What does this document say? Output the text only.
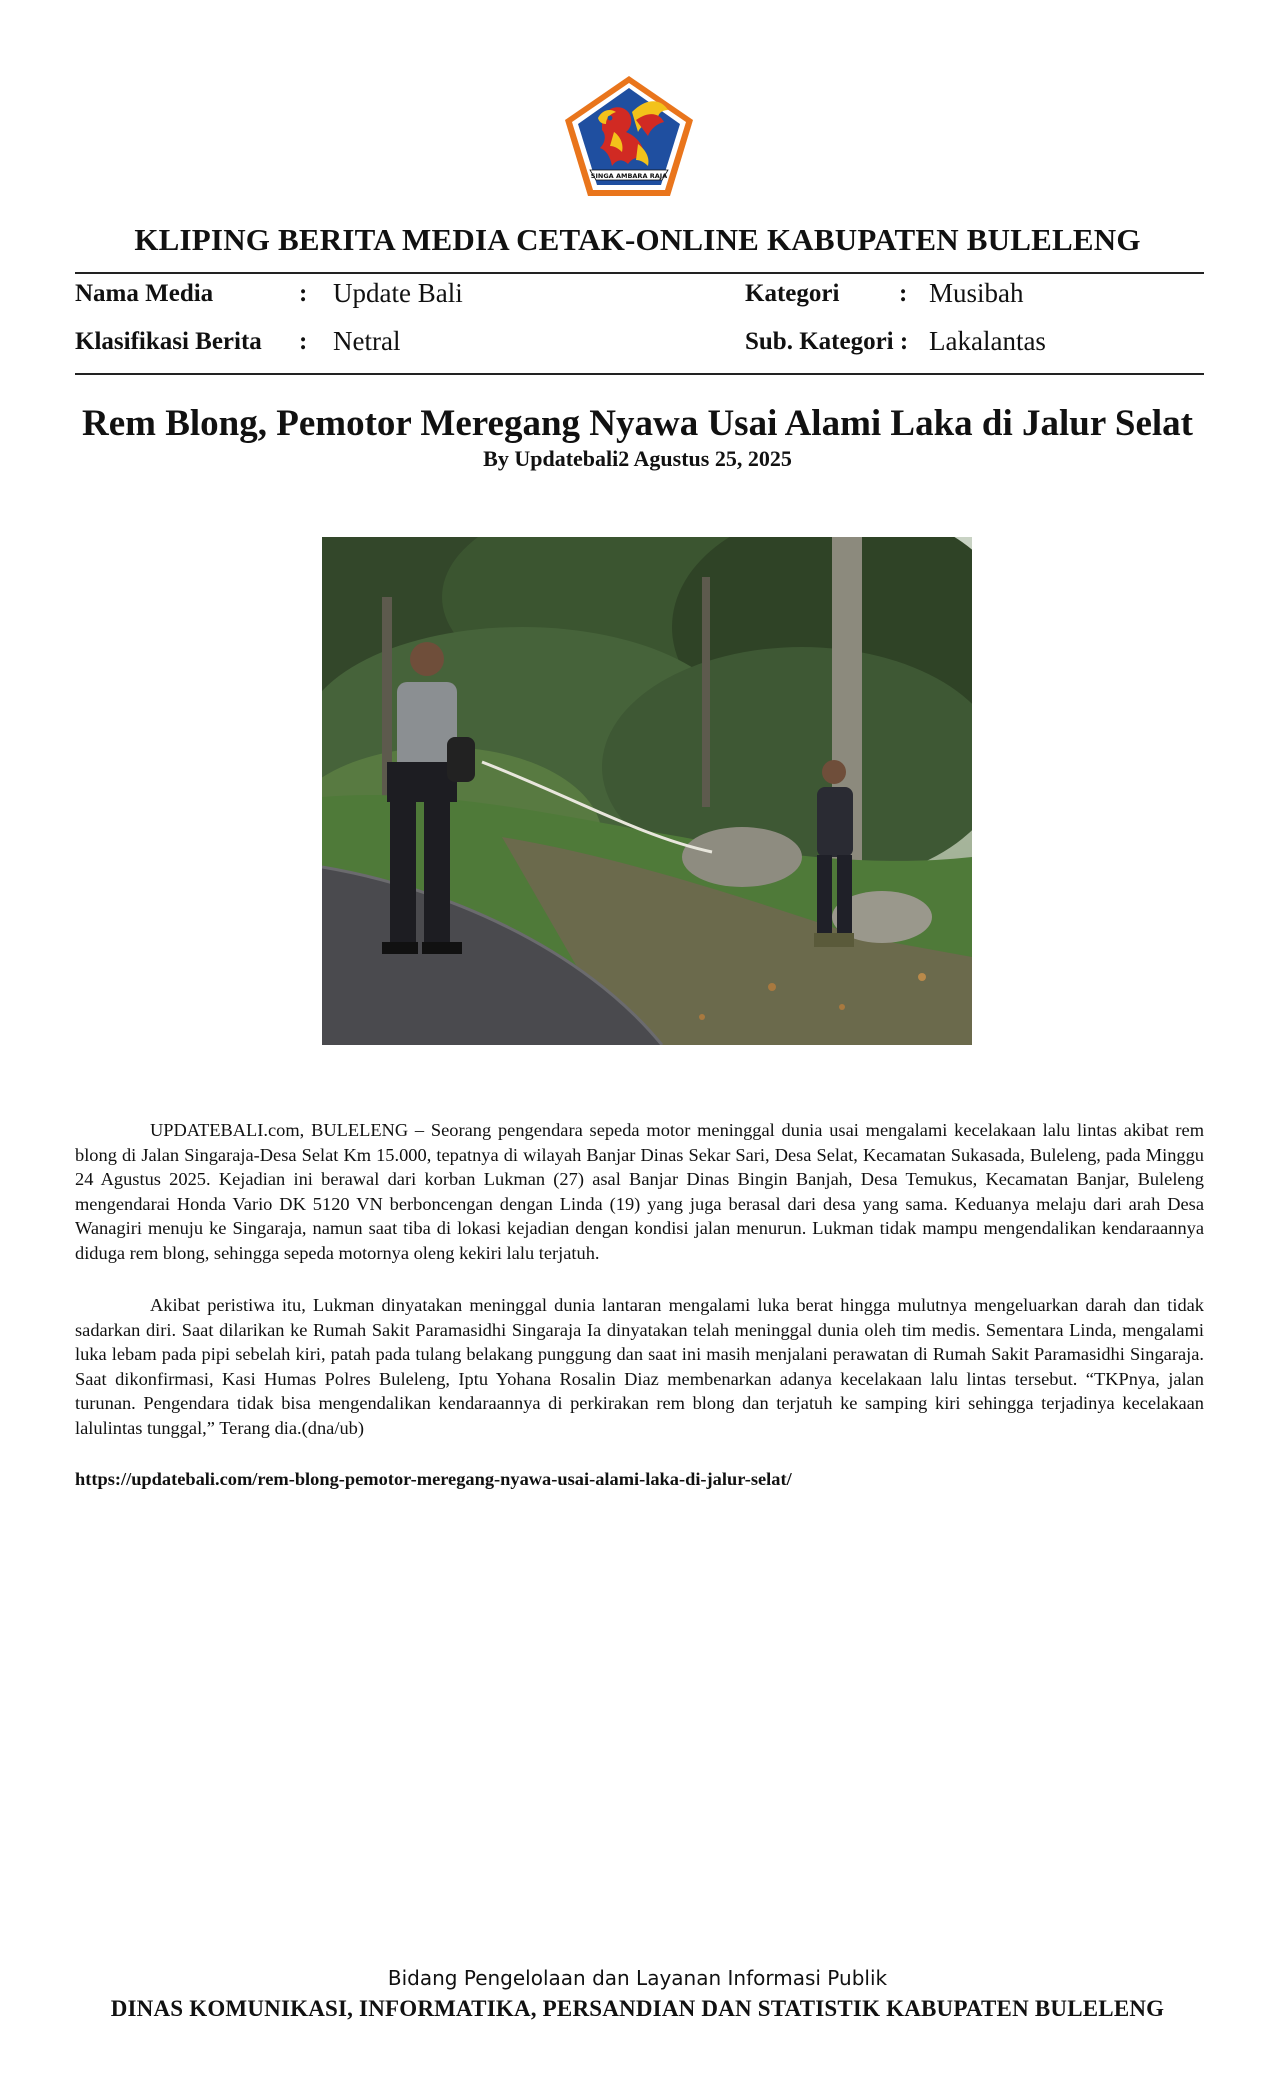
SINGA AMBARA RAJA
KLIPING BERITA MEDIA CETAK-ONLINE KABUPATEN BULELENG
Nama Media	: Update Bali	Kategori : Musibah
Klasifikasi Berita : Netral	Sub. Kategori : Lakalantas
Rem Blong, Pemotor Meregang Nyawa Usai Alami Laka di Jalur Selat
By Updatebali2 Agustus 25, 2025

UPDATEBALI.com, BULELENG – Seorang pengendara sepeda motor meninggal dunia usai mengalami kecelakaan lalu lintas akibat rem blong di Jalan Singaraja-Desa Selat Km 15.000, tepatnya di wilayah Banjar Dinas Sekar Sari, Desa Selat, Kecamatan Sukasada, Buleleng, pada Minggu 24 Agustus 2025. Kejadian ini berawal dari korban Lukman (27) asal Banjar Dinas Bingin Banjah, Desa Temukus, Kecamatan Banjar, Buleleng mengendarai Honda Vario DK 5120 VN berboncengan dengan Linda (19) yang juga berasal dari desa yang sama. Keduanya melaju dari arah Desa Wanagiri menuju ke Singaraja, namun saat tiba di lokasi kejadian dengan kondisi jalan menurun. Lukman tidak mampu mengendalikan kendaraannya diduga rem blong, sehingga sepeda motornya oleng kekiri lalu terjatuh.

Akibat peristiwa itu, Lukman dinyatakan meninggal dunia lantaran mengalami luka berat hingga mulutnya mengeluarkan darah dan tidak sadarkan diri. Saat dilarikan ke Rumah Sakit Paramasidhi Singaraja Ia dinyatakan telah meninggal dunia oleh tim medis. Sementara Linda, mengalami luka lebam pada pipi sebelah kiri, patah pada tulang belakang punggung dan saat ini masih menjalani perawatan di Rumah Sakit Paramasidhi Singaraja. Saat dikonfirmasi, Kasi Humas Polres Buleleng, Iptu Yohana Rosalin Diaz membenarkan adanya kecelakaan lalu lintas tersebut. “TKPnya, jalan turunan. Pengendara tidak bisa mengendalikan kendaraannya di perkirakan rem blong dan terjatuh ke samping kiri sehingga terjadinya kecelakaan lalulintas tunggal,” Terang dia.(dna/ub)

https://updatebali.com/rem-blong-pemotor-meregang-nyawa-usai-alami-laka-di-jalur-selat/
Bidang Pengelolaan dan Layanan Informasi Publik
DINAS KOMUNIKASI, INFORMATIKA, PERSANDIAN DAN STATISTIK KABUPATEN BULELENG
